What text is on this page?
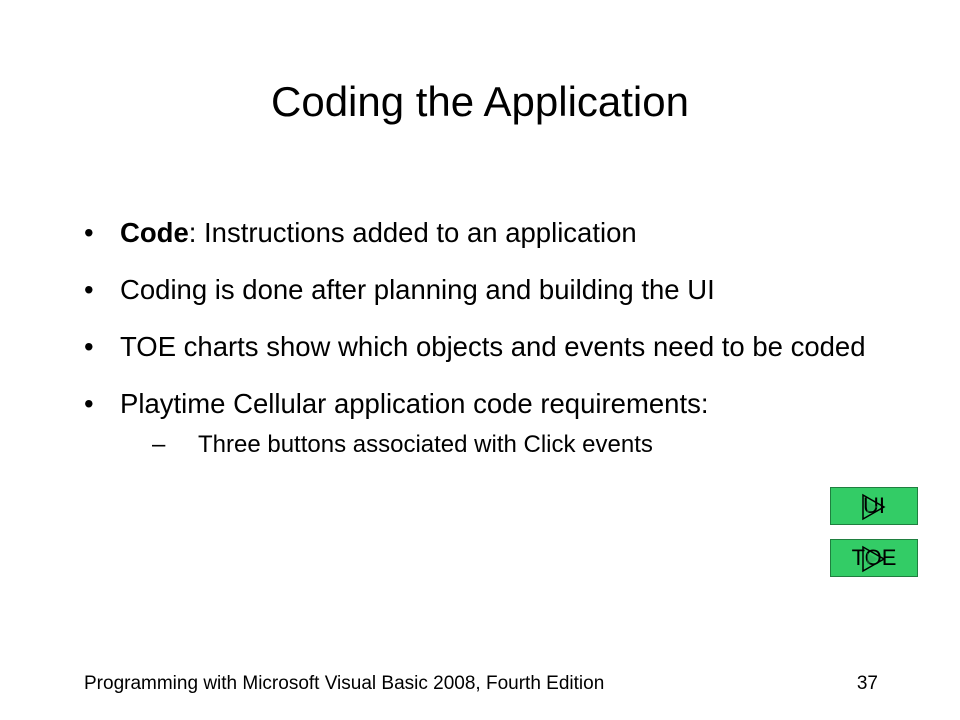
Coding the Application
• Code: Instructions added to an application
• Coding is done after planning and building the UI
• TOE charts show which objects and events need to be coded
• Playtime Cellular application code requirements:
– Three buttons associated with Click events
UI
TOE
Programming with Microsoft Visual Basic 2008, Fourth Edition	37
